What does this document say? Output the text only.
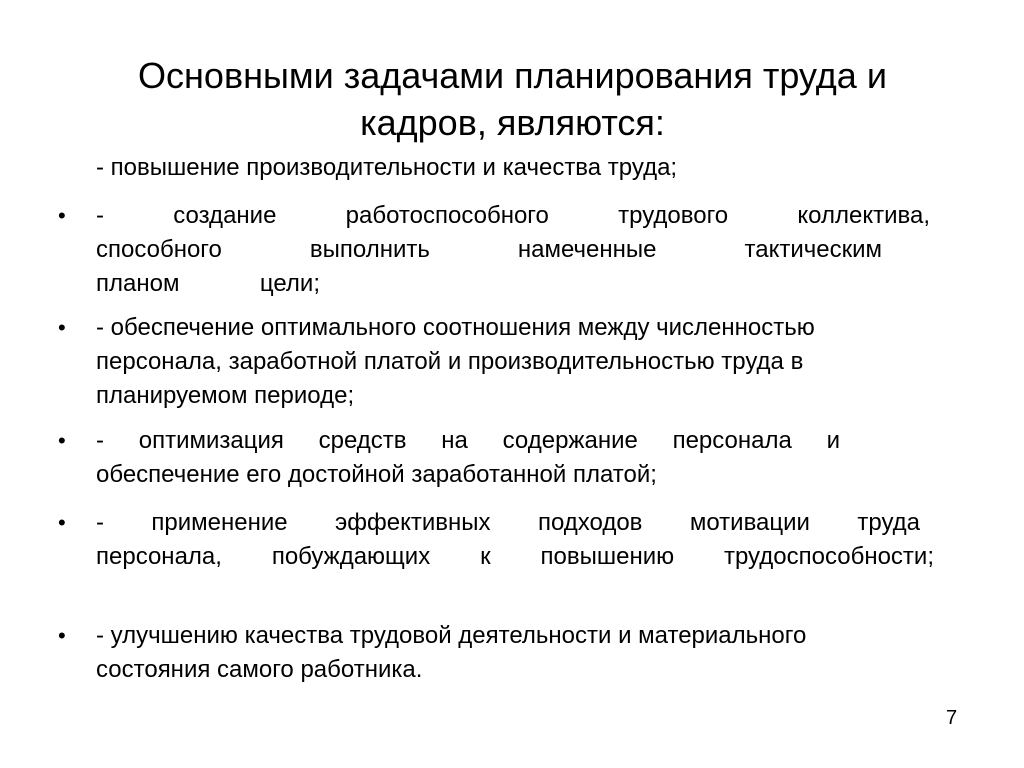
Основными задачами планирования труда и кадров, являются:
- повышение производительности и качества труда;
•	- создание работоспособного трудового коллектива,
способного выполнить намеченные тактическим
планом цели;
•	- обеспечение оптимального соотношения между численностью
персонала, заработной платой и производительностью труда в
планируемом периоде;
•	- оптимизация средств на содержание персонала и
обеспечение его достойной заработанной платой;
•	- применение эффективных подходов мотивации труда
персонала, побуждающих к повышению трудоспособности;
•	- улучшению качества трудовой деятельности и материального
состояния самого работника.
7
